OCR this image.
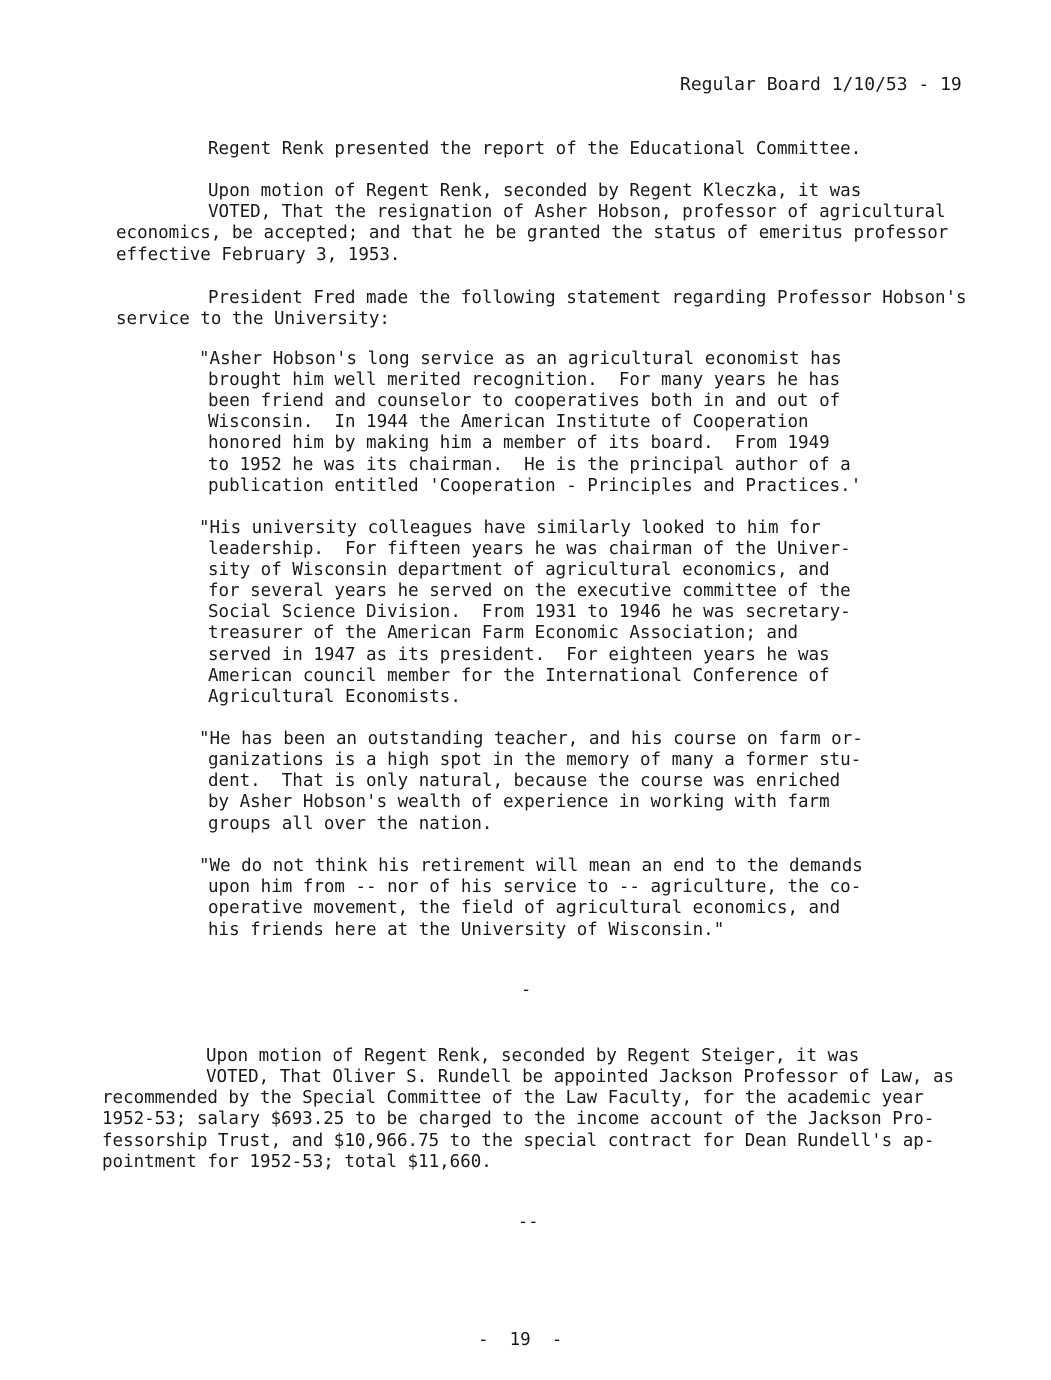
Regular Board 1/10/53 - 19
Regent Renk presented the report of the Educational Committee.
Upon motion of Regent Renk, seconded by Regent Kleczka, it was
VOTED, That the resignation of Asher Hobson, professor of agricultural
economics, be accepted; and that he be granted the status of emeritus professor
effective February 3, 1953.
President Fred made the following statement regarding Professor Hobson's
service to the University:
"Asher Hobson's long service as an agricultural economist has
brought him well merited recognition.  For many years he has
been friend and counselor to cooperatives both in and out of
Wisconsin.  In 1944 the American Institute of Cooperation
honored him by making him a member of its board.  From 1949
to 1952 he was its chairman.  He is the principal author of a
publication entitled 'Cooperation - Principles and Practices.'
"His university colleagues have similarly looked to him for
leadership.  For fifteen years he was chairman of the Univer-
sity of Wisconsin department of agricultural economics, and
for several years he served on the executive committee of the
Social Science Division.  From 1931 to 1946 he was secretary-
treasurer of the American Farm Economic Association; and
served in 1947 as its president.  For eighteen years he was
American council member for the International Conference of
Agricultural Economists.
"He has been an outstanding teacher, and his course on farm or-
ganizations is a high spot in the memory of many a former stu-
dent.  That is only natural, because the course was enriched
by Asher Hobson's wealth of experience in working with farm
groups all over the nation.
"We do not think his retirement will mean an end to the demands
upon him from -- nor of his service to -- agriculture, the co-
operative movement, the field of agricultural economics, and
his friends here at the University of Wisconsin."
-
Upon motion of Regent Renk, seconded by Regent Steiger, it was
VOTED, That Oliver S. Rundell be appointed Jackson Professor of Law, as
recommended by the Special Committee of the Law Faculty, for the academic year
1952-53; salary $693.25 to be charged to the income account of the Jackson Pro-
fessorship Trust, and $10,966.75 to the special contract for Dean Rundell's ap-
pointment for 1952-53; total $11,660.
--
-  19  -
